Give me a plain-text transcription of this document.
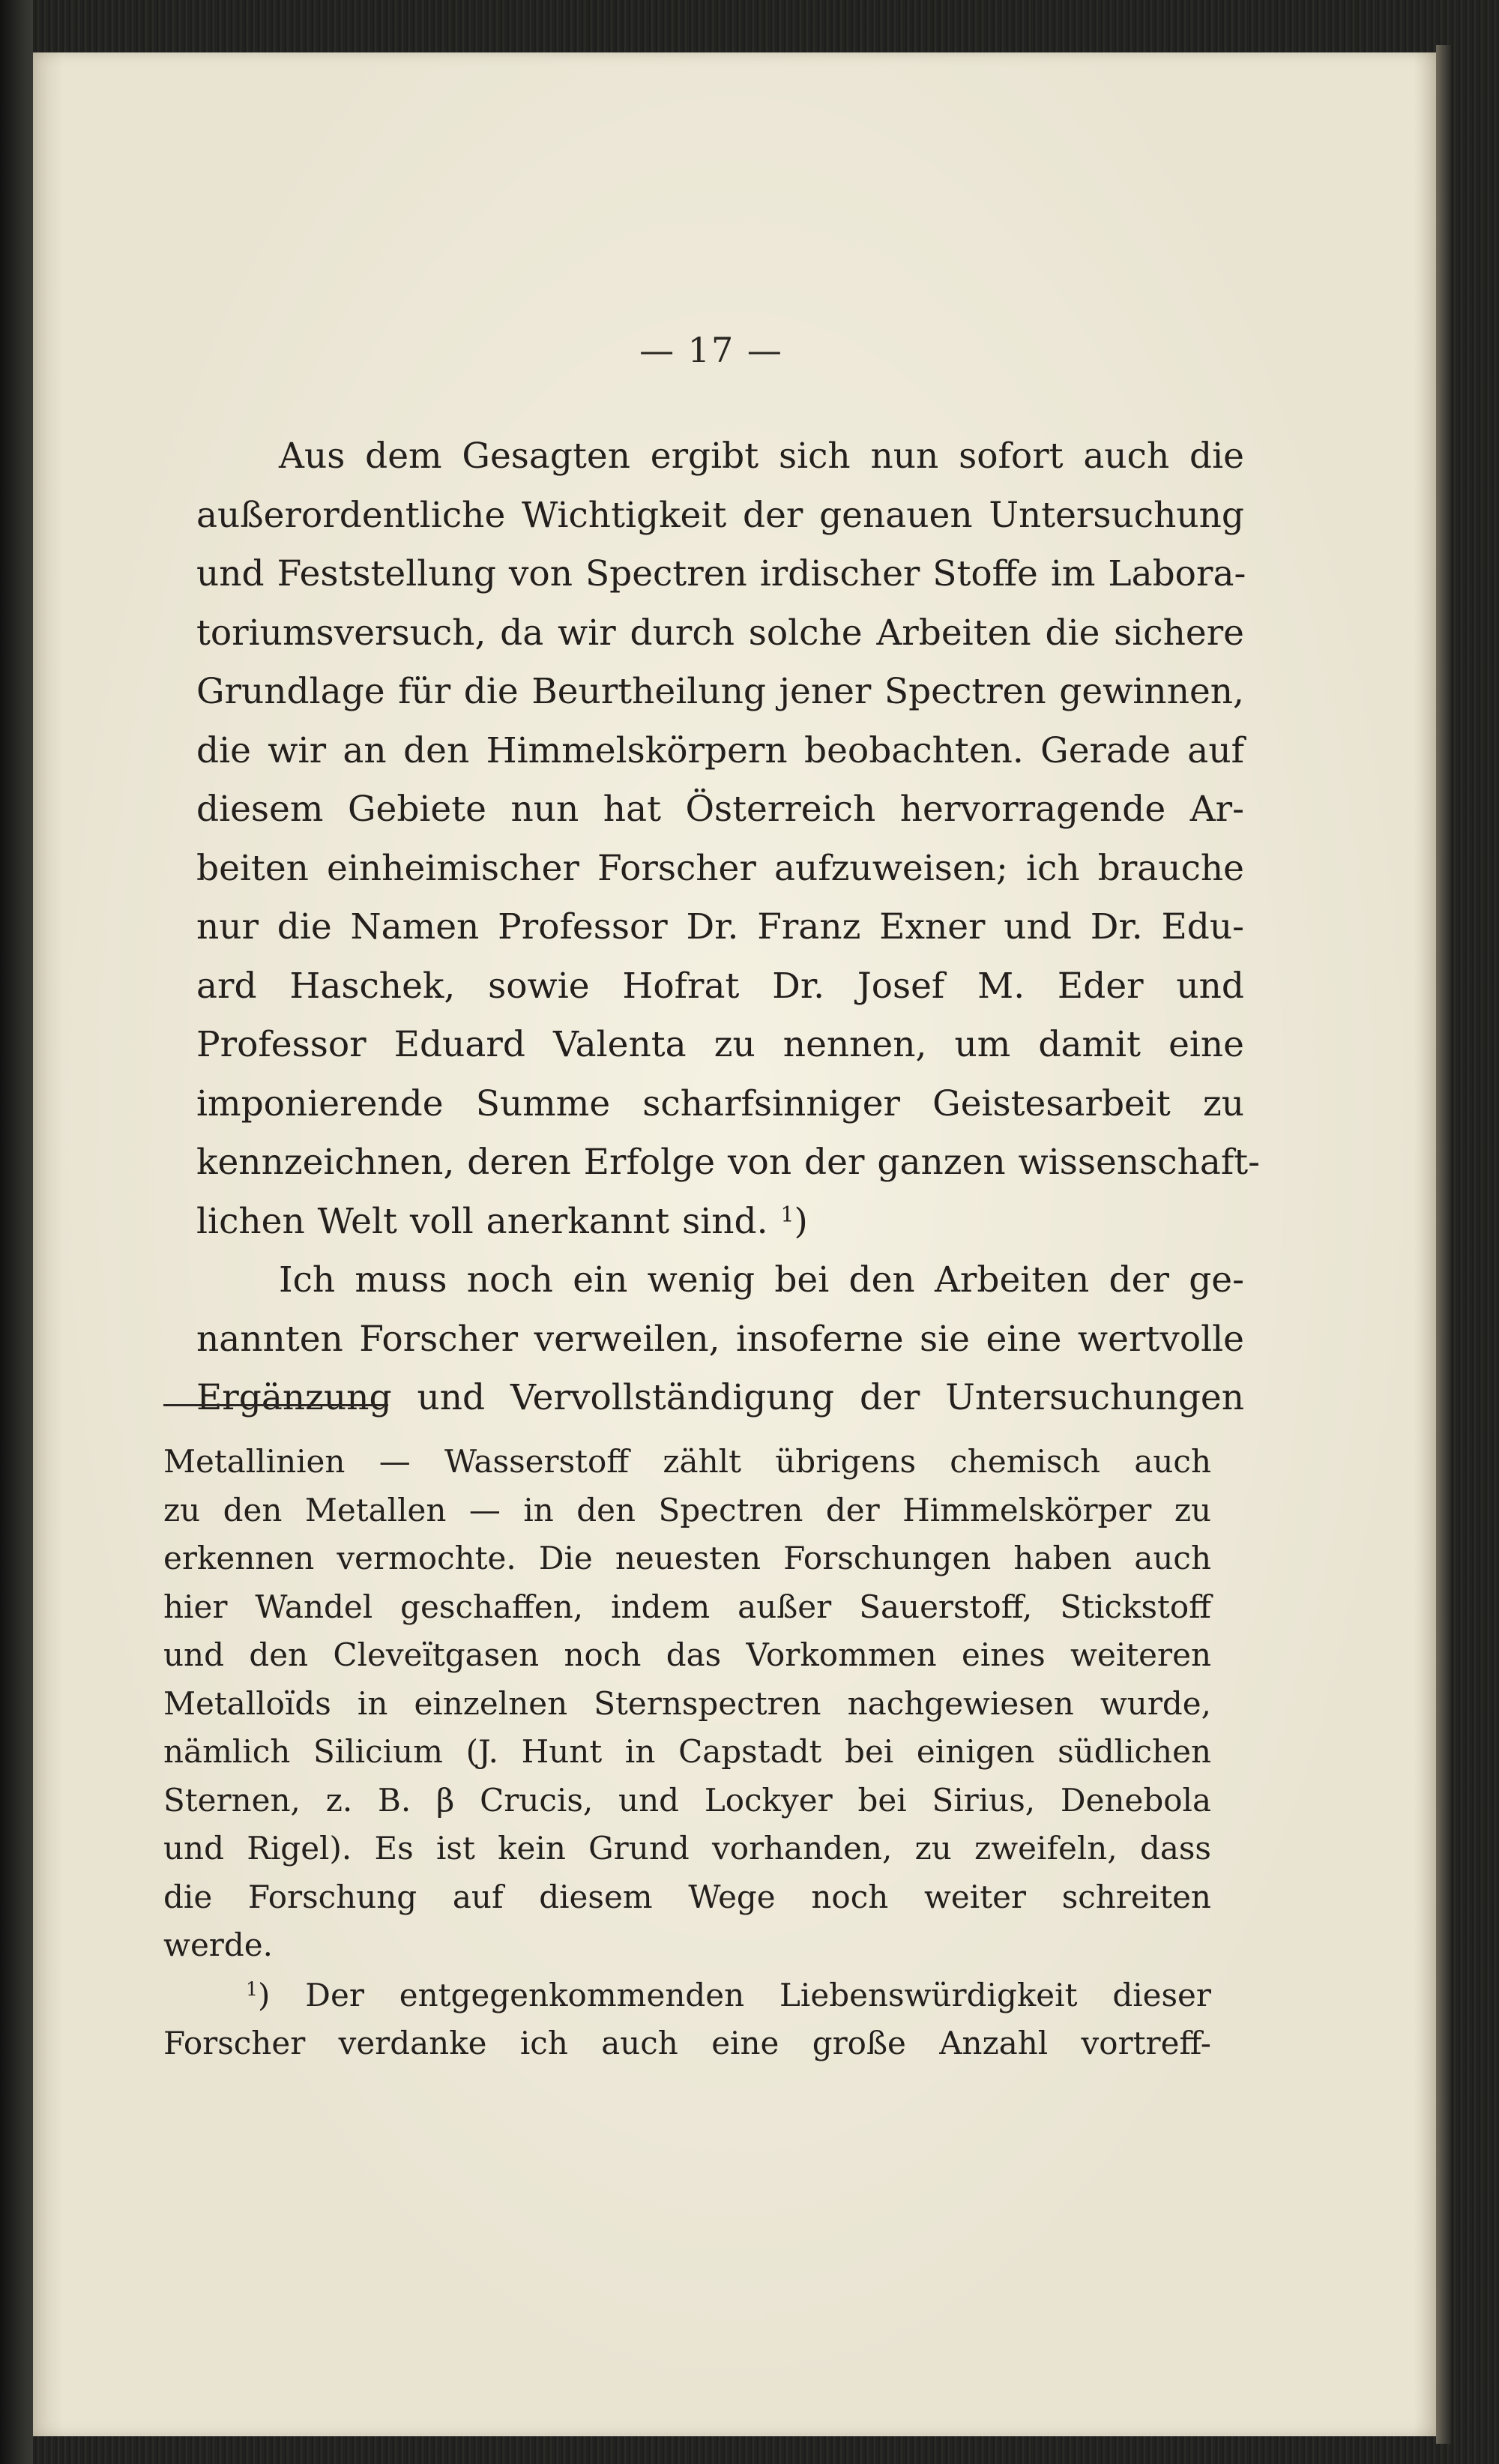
— 17 —

Aus dem Gesagten ergibt sich nun sofort auch die
außerordentliche Wichtigkeit der genauen Untersuchung
und Feststellung von Spectren irdischer Stoffe im Labora-
toriumsversuch, da wir durch solche Arbeiten die sichere
Grundlage für die Beurtheilung jener Spectren gewinnen,
die wir an den Himmelskörpern beobachten. Gerade auf
diesem Gebiete nun hat Österreich hervorragende Ar-
beiten einheimischer Forscher aufzuweisen; ich brauche
nur die Namen Professor Dr. Franz Exner und Dr. Edu-
ard Haschek, sowie Hofrat Dr. Josef M. Eder und
Professor Eduard Valenta zu nennen, um damit eine
imponierende Summe scharfsinniger Geistesarbeit zu
kennzeichnen, deren Erfolge von der ganzen wissenschaft-
lichen Welt voll anerkannt sind. $^1$)
Ich muss noch ein wenig bei den Arbeiten der ge-
nannten Forscher verweilen, insoferne sie eine wertvolle
Ergänzung und Vervollständigung der Untersuchungen
Metallinien — Wasserstoff zählt übrigens chemisch auch
zu den Metallen — in den Spectren der Himmelskörper zu
erkennen vermochte. Die neuesten Forschungen haben auch
hier Wandel geschaffen, indem außer Sauerstoff, Stickstoff
und den Cleveïtgasen noch das Vorkommen eines weiteren
Metalloïds in einzelnen Sternspectren nachgewiesen wurde,
nämlich Silicium (J. Hunt in Capstadt bei einigen südlichen
Sternen, z. B. β Crucis, und Lockyer bei Sirius, Denebola
und Rigel). Es ist kein Grund vorhanden, zu zweifeln, dass
die Forschung auf diesem Wege noch weiter schreiten
werde.
$^1$) Der entgegenkommenden Liebenswürdigkeit dieser
Forscher verdanke ich auch eine große Anzahl vortreff-
